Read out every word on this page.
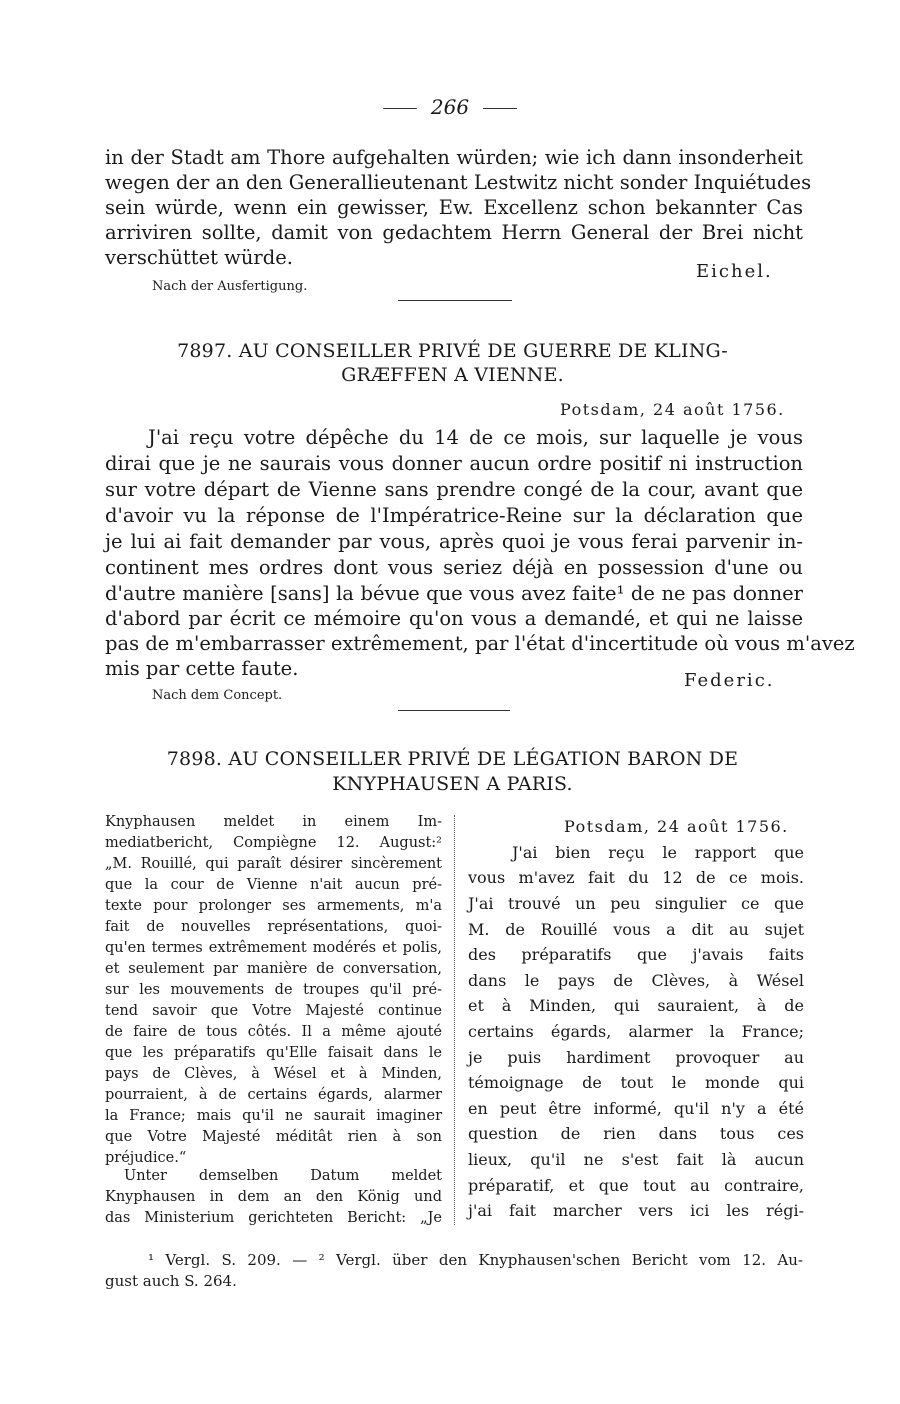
266
in der Stadt am Thore aufgehalten würden; wie ich dann insonderheit
wegen der an den Generallieutenant Lestwitz nicht sonder Inquiétudes
sein würde, wenn ein gewisser, Ew. Excellenz schon bekannter Cas
arriviren sollte, damit von gedachtem Herrn General der Brei nicht
verschüttet würde.
Eichel.
Nach der Ausfertigung.
7897. AU CONSEILLER PRIVÉ DE GUERRE DE KLING-
GRÆFFEN A VIENNE.
Potsdam, 24 août 1756.
J'ai reçu votre dépêche du 14 de ce mois, sur laquelle je vous
dirai que je ne saurais vous donner aucun ordre positif ni instruction
sur votre départ de Vienne sans prendre congé de la cour, avant que
d'avoir vu la réponse de l'Impératrice-Reine sur la déclaration que
je lui ai fait demander par vous, après quoi je vous ferai parvenir in-
continent mes ordres dont vous seriez déjà en possession d'une ou
d'autre manière [sans] la bévue que vous avez faite¹ de ne pas donner
d'abord par écrit ce mémoire qu'on vous a demandé, et qui ne laisse
pas de m'embarrasser extrêmement, par l'état d'incertitude où vous m'avez
mis par cette faute.
Federic.
Nach dem Concept.
7898. AU CONSEILLER PRIVÉ DE LÉGATION BARON DE
KNYPHAUSEN A PARIS.
Knyphausen meldet in einem Im-
mediatbericht, Compiègne 12. August:²
„M. Rouillé, qui paraît désirer sincèrement
que la cour de Vienne n'ait aucun pré-
texte pour prolonger ses armements, m'a
fait de nouvelles représentations, quoi-
qu'en termes extrêmement modérés et polis,
et seulement par manière de conversation,
sur les mouvements de troupes qu'il pré-
tend savoir que Votre Majesté continue
de faire de tous côtés. Il a même ajouté
que les préparatifs qu'Elle faisait dans le
pays de Clèves, à Wésel et à Minden,
pourraient, à de certains égards, alarmer
la France; mais qu'il ne saurait imaginer
que Votre Majesté méditât rien à son
préjudice.“
Unter demselben Datum meldet
Knyphausen in dem an den König und
das Ministerium gerichteten Bericht: „Je
Potsdam, 24 août 1756.
J'ai bien reçu le rapport que
vous m'avez fait du 12 de ce mois.
J'ai trouvé un peu singulier ce que
M. de Rouillé vous a dit au sujet
des préparatifs que j'avais faits
dans le pays de Clèves, à Wésel
et à Minden, qui sauraient, à de
certains égards, alarmer la France;
je puis hardiment provoquer au
témoignage de tout le monde qui
en peut être informé, qu'il n'y a été
question de rien dans tous ces
lieux, qu'il ne s'est fait là aucun
préparatif, et que tout au contraire,
j'ai fait marcher vers ici les régi-
¹ Vergl. S. 209. — ² Vergl. über den Knyphausen'schen Bericht vom 12. Au-
gust auch S. 264.
